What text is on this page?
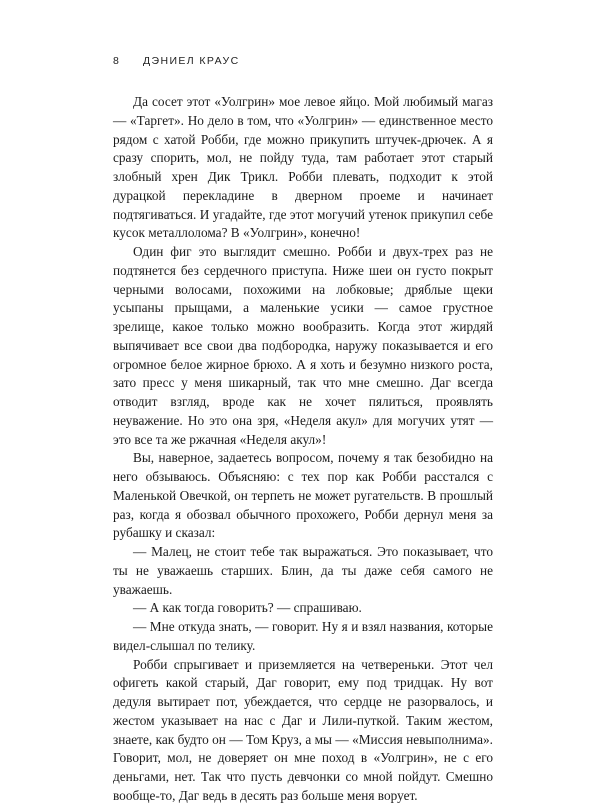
8	ДЭНИЕЛ КРАУС

Да сосет этот «Уолгрин» мое левое яйцо. Мой любимый магаз — «Таргет». Но дело в том, что «Уолгрин» — единственное место рядом с хатой Робби, где можно прикупить штучек-дрючек. А я сразу спорить, мол, не пойду туда, там работает этот старый злобный хрен Дик Трикл. Робби плевать, подходит к этой дурацкой перекладине в дверном проеме и начинает подтягиваться. И угадайте, где этот могучий утенок прикупил себе кусок металлолома? В «Уолгрин», конечно!

Один фиг это выглядит смешно. Робби и двух-трех раз не подтянется без сердечного приступа. Ниже шеи он густо покрыт черными волосами, похожими на лобковые; дряблые щеки усыпаны прыщами, а маленькие усики — самое грустное зрелище, какое только можно вообразить. Когда этот жирдяй выпячивает все свои два подбородка, наружу показывается и его огромное белое жирное брюхо. А я хоть и безумно низкого роста, зато пресс у меня шикарный, так что мне смешно. Даг всегда отводит взгляд, вроде как не хочет пялиться, проявлять неуважение. Но это она зря, «Неделя акул» для могучих утят — это все та же ржачная «Неделя акул»!

Вы, наверное, задаетесь вопросом, почему я так безобидно на него обзываюсь. Объясняю: с тех пор как Робби расстался с Маленькой Овечкой, он терпеть не может ругательств. В прошлый раз, когда я обозвал обычного прохожего, Робби дернул меня за рубашку и сказал:

— Малец, не стоит тебе так выражаться. Это показывает, что ты не уважаешь старших. Блин, да ты даже себя самого не уважаешь.

— А как тогда говорить? — спрашиваю.

— Мне откуда знать, — говорит. Ну я и взял названия, которые видел-слышал по телику.

Робби спрыгивает и приземляется на четвереньки. Этот чел офигеть какой старый, Даг говорит, ему под тридцак. Ну вот дедуля вытирает пот, убеждается, что сердце не разорвалось, и жестом указывает на нас с Даг и Лили-путкой. Таким жестом, знаете, как будто он — Том Круз, а мы — «Миссия невыполнима». Говорит, мол, не доверяет он мне поход в «Уолгрин», не с его деньгами, нет. Так что пусть девчонки со мной пойдут. Смешно вообще-то, Даг ведь в десять раз больше меня ворует.
